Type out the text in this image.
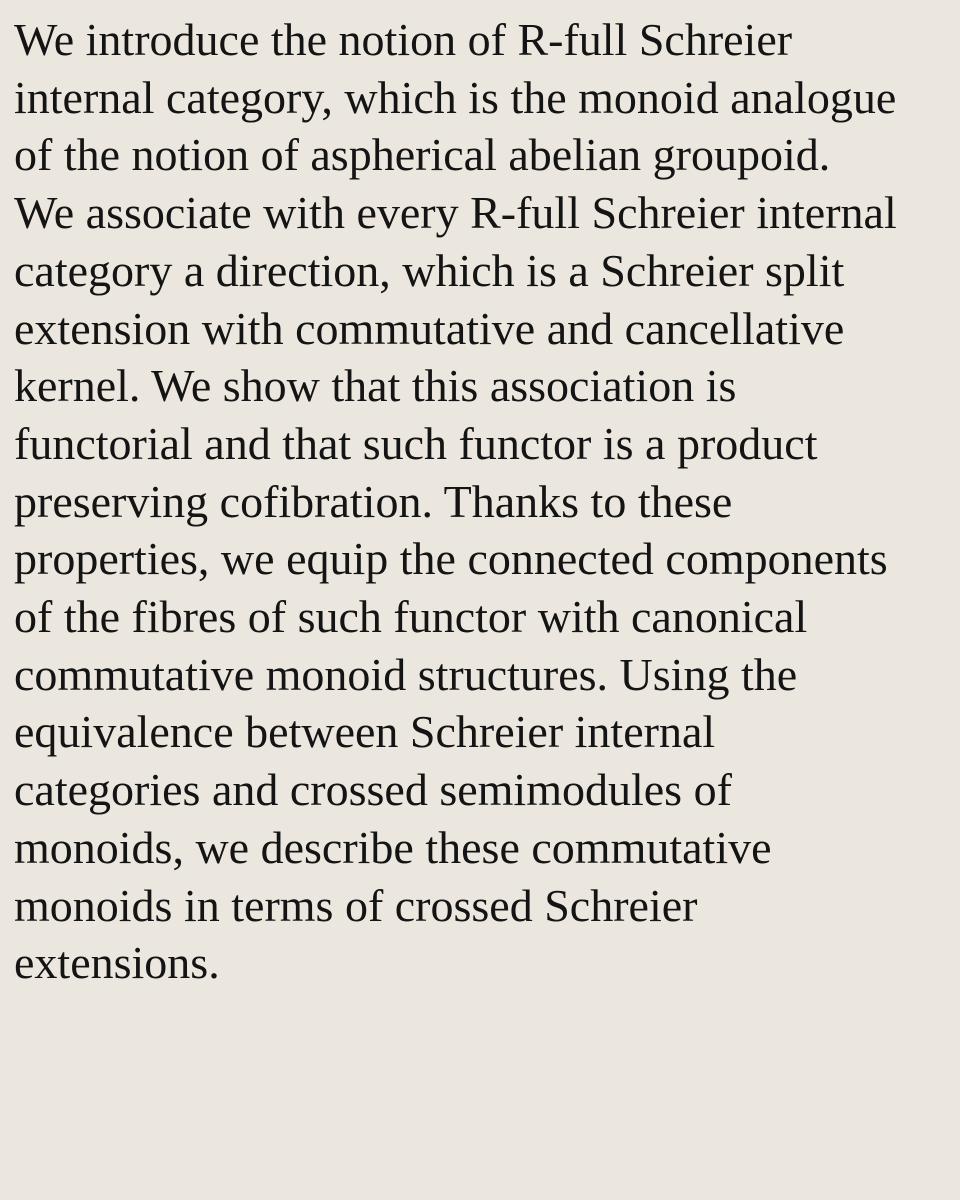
We introduce the notion of R-full Schreier
internal category, which is the monoid analogue
of the notion of aspherical abelian groupoid.
We associate with every R-full Schreier internal
category a direction, which is a Schreier split
extension with commutative and cancellative
kernel. We show that this association is
functorial and that such functor is a product
preserving cofibration. Thanks to these
properties, we equip the connected components
of the fibres of such functor with canonical
commutative monoid structures. Using the
equivalence between Schreier internal
categories and crossed semimodules of
monoids, we describe these commutative
monoids in terms of crossed Schreier
extensions.
